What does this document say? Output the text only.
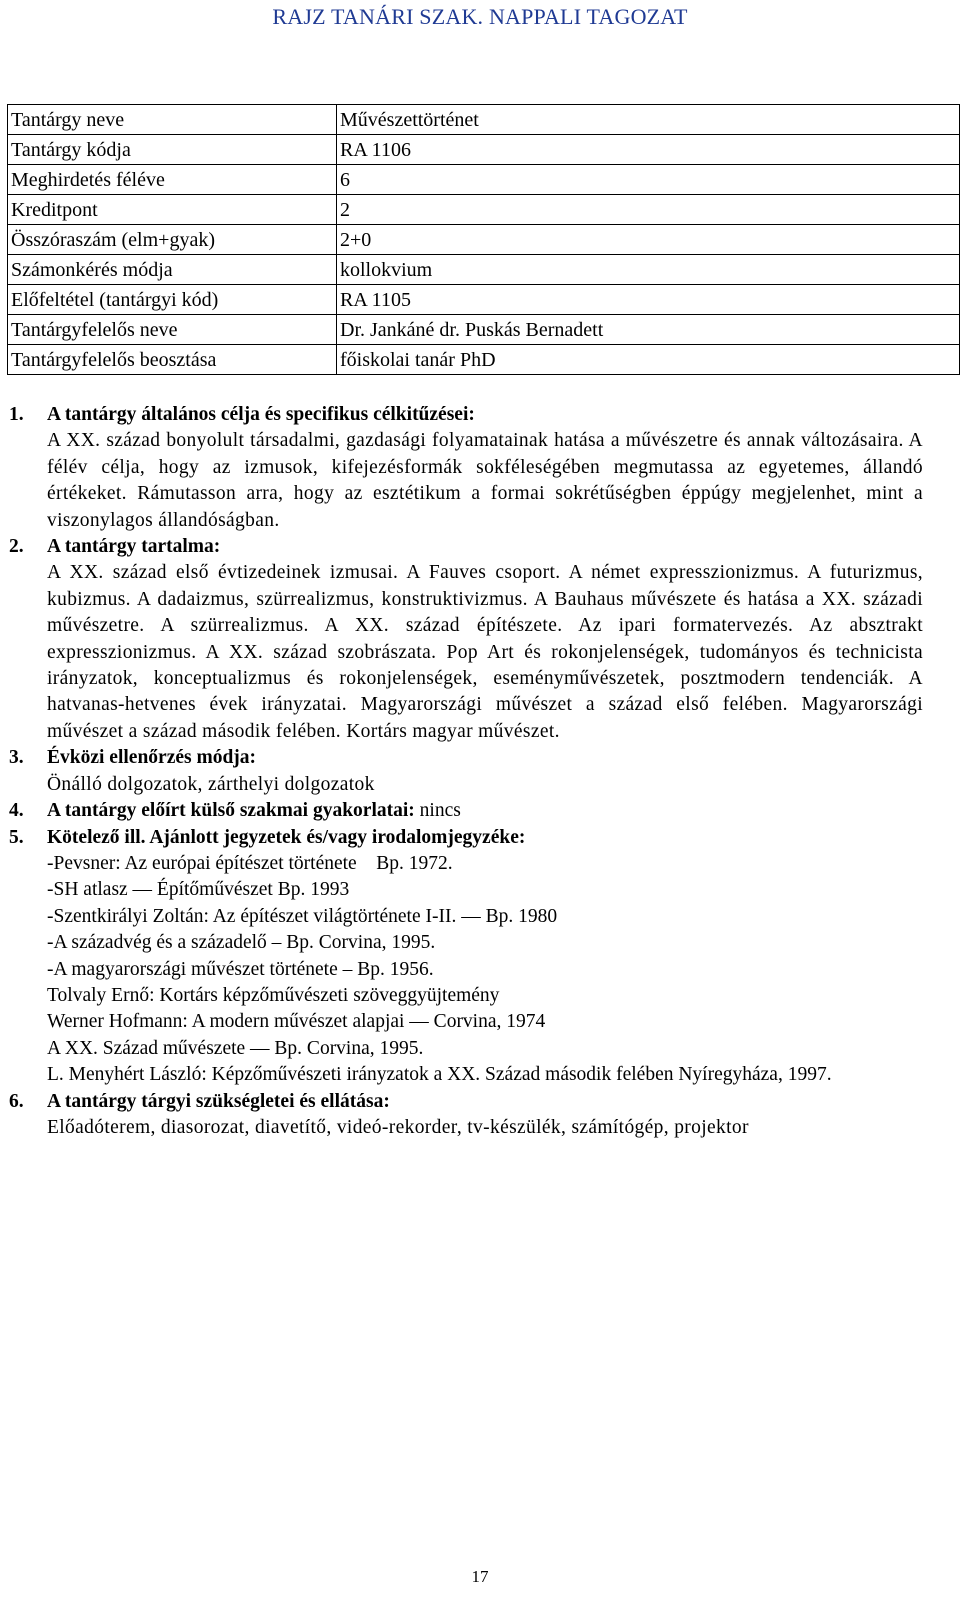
RAJZ TANÁRI SZAK. NAPPALI TAGOZAT
Tantárgy neve	Művészettörténet
Tantárgy kódja	RA 1106
Meghirdetés féléve	6
Kreditpont	2
Összóraszám (elm+gyak)	2+0
Számonkérés módja	kollokvium
Előfeltétel (tantárgyi kód)	RA 1105
Tantárgyfelelős neve	Dr. Jankáné dr. Puskás Bernadett
Tantárgyfelelős beosztása	főiskolai tanár PhD
1. A tantárgy általános célja és specifikus célkitűzései:

A XX. század bonyolult társadalmi, gazdasági folyamatainak hatása a művészetre és annak változásaira. A félév célja, hogy az izmusok, kifejezésformák sokféleségében megmutassa az egyetemes, állandó értékeket. Rámutasson arra, hogy az esztétikum a formai sokrétűségben éppúgy megjelenhet, mint a viszonylagos állandóságban.

2. A tantárgy tartalma:

A XX. század első évtizedeinek izmusai. A Fauves csoport. A német expresszionizmus. A futurizmus, kubizmus. A dadaizmus, szürrealizmus, konstruktivizmus. A Bauhaus művészete és hatása a XX. századi művészetre. A szürrealizmus. A XX. század építészete. Az ipari formatervezés. Az absztrakt expresszionizmus. A XX. század szobrászata. Pop Art és rokonjelenségek, tudományos és technicista irányzatok, konceptualizmus és rokonjelenségek, eseményművészetek, posztmodern tendenciák. A hatvanas-hetvenes évek irányzatai. Magyarországi művészet a század első felében. Magyarországi művészet a század második felében. Kortárs magyar művészet.

3. Évközi ellenőrzés módja:

Önálló dolgozatok, zárthelyi dolgozatok

4. A tantárgy előírt külső szakmai gyakorlatai: nincs
5. Kötelező ill. Ajánlott jegyzetek és/vagy irodalomjegyzéke:
-Pevsner: Az európai építészet története    Bp. 1972.
-SH atlasz — Építőművészet Bp. 1993
-Szentkirályi Zoltán: Az építészet világtörténete I-II. — Bp. 1980
-A századvég és a századelő – Bp. Corvina, 1995.
-A magyarországi művészet története – Bp. 1956.
Tolvaly Ernő: Kortárs képzőművészeti szöveggyüjtemény
Werner Hofmann: A modern művészet alapjai — Corvina, 1974
A XX. Század művészete — Bp. Corvina, 1995.
L. Menyhért László: Képzőművészeti irányzatok a XX. Század második felében Nyíregyháza, 1997.
6. A tantárgy tárgyi szükségletei és ellátása:

Előadóterem, diasorozat, diavetítő, videó-rekorder, tv-készülék, számítógép, projektor

17
